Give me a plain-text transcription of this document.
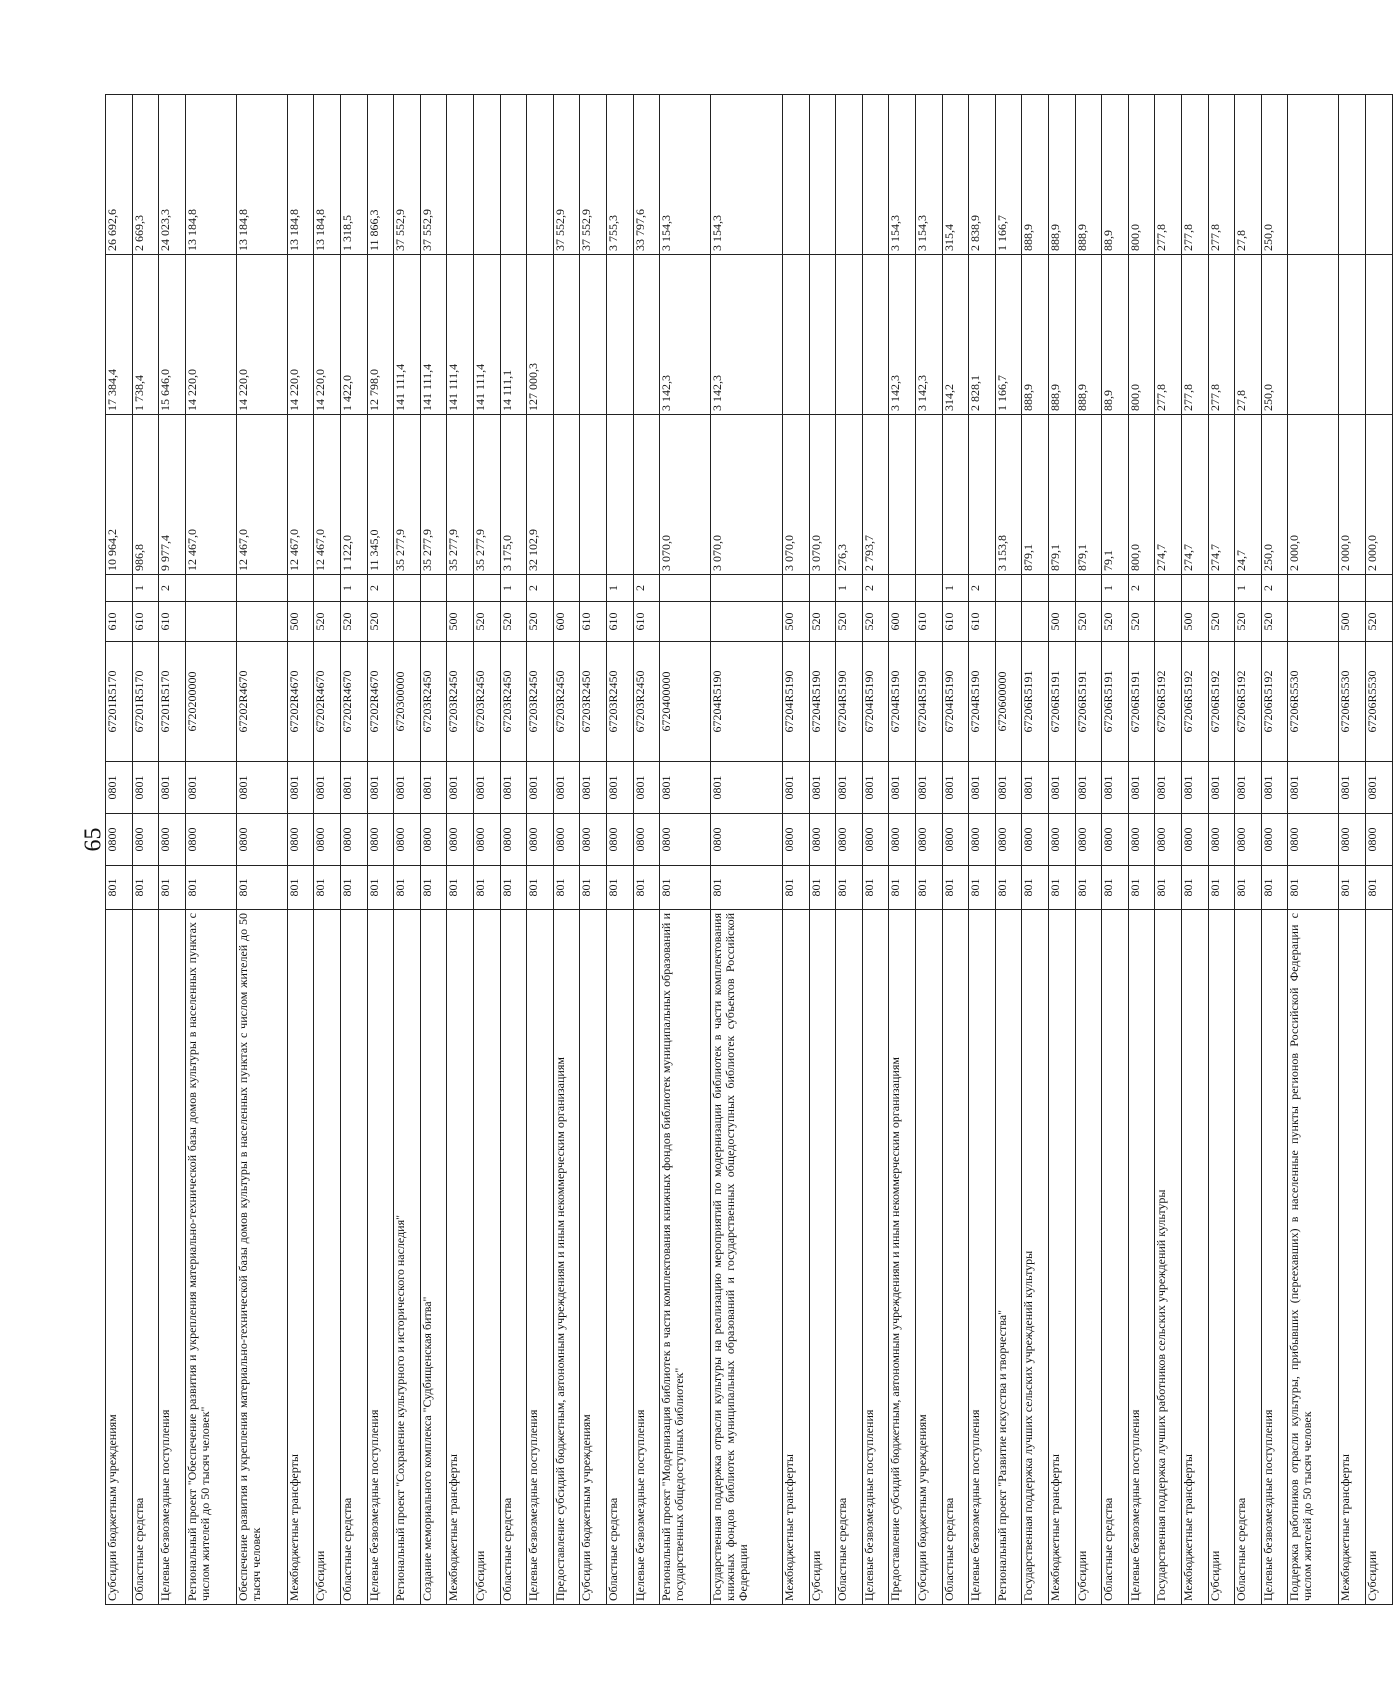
65
Субсидии бюджетным учреждениям	801	0800	0801	67201R5170	610		10 964,2	17 384,4	26 692,6
Областные средства	801	0800	0801	67201R5170	610	1	986,8	1 738,4	2 669,3
Целевые безвозмездные поступления	801	0800	0801	67201R5170	610	2	9 977,4	15 646,0	24 023,3
Региональный проект "Обеспечение развития и укрепления материально-технической базы домов культуры в населенных пунктах с числом жителей до 50 тысяч человек"	801	0800	0801	6720200000			12 467,0	14 220,0	13 184,8
Обеспечение развития и укрепления материально-технической базы домов культуры в населенных пунктах с числом жителей до 50 тысяч человек	801	0800	0801	67202R4670			12 467,0	14 220,0	13 184,8
Межбюджетные трансферты	801	0800	0801	67202R4670	500		12 467,0	14 220,0	13 184,8
Субсидии	801	0800	0801	67202R4670	520		12 467,0	14 220,0	13 184,8
Областные средства	801	0800	0801	67202R4670	520	1	1 122,0	1 422,0	1 318,5
Целевые безвозмездные поступления	801	0800	0801	67202R4670	520	2	11 345,0	12 798,0	11 866,3
Региональный проект "Сохранение культурного и исторического наследия"	801	0800	0801	6720300000			35 277,9	141 111,4	37 552,9
Создание мемориального комплекса "Судбищенская битва"	801	0800	0801	67203R2450			35 277,9	141 111,4	37 552,9
Межбюджетные трансферты	801	0800	0801	67203R2450	500		35 277,9	141 111,4	
Субсидии	801	0800	0801	67203R2450	520		35 277,9	141 111,4	
Областные средства	801	0800	0801	67203R2450	520	1	3 175,0	14 111,1	
Целевые безвозмездные поступления	801	0800	0801	67203R2450	520	2	32 102,9	127 000,3	
Предоставление субсидий бюджетным, автономным учреждениям и иным некоммерческим организациям	801	0800	0801	67203R2450	600				37 552,9
Субсидии бюджетным учреждениям	801	0800	0801	67203R2450	610				37 552,9
Областные средства	801	0800	0801	67203R2450	610	1			3 755,3
Целевые безвозмездные поступления	801	0800	0801	67203R2450	610	2			33 797,6
Региональный проект "Модернизация библиотек в части комплектования книжных фондов библиотек муниципальных образований и государственных общедоступных библиотек"	801	0800	0801	6720400000			3 070,0	3 142,3	3 154,3
Государственная поддержка отрасли культуры на реализацию мероприятий по модернизации библиотек в части комплектования книжных фондов библиотек муниципальных образований и государственных общедоступных библиотек субъектов Российской Федерации	801	0800	0801	67204R5190			3 070,0	3 142,3	3 154,3
Межбюджетные трансферты	801	0800	0801	67204R5190	500		3 070,0		
Субсидии	801	0800	0801	67204R5190	520		3 070,0		
Областные средства	801	0800	0801	67204R5190	520	1	276,3		
Целевые безвозмездные поступления	801	0800	0801	67204R5190	520	2	2 793,7		
Предоставление субсидий бюджетным, автономным учреждениям и иным некоммерческим организациям	801	0800	0801	67204R5190	600			3 142,3	3 154,3
Субсидии бюджетным учреждениям	801	0800	0801	67204R5190	610			3 142,3	3 154,3
Областные средства	801	0800	0801	67204R5190	610	1		314,2	315,4
Целевые безвозмездные поступления	801	0800	0801	67204R5190	610	2		2 828,1	2 838,9
Региональный проект "Развитие искусства и творчества"	801	0800	0801	6720600000			3 153,8	1 166,7	1 166,7
Государственная поддержка лучших сельских учреждений культуры	801	0800	0801	67206R5191			879,1	888,9	888,9
Межбюджетные трансферты	801	0800	0801	67206R5191	500		879,1	888,9	888,9
Субсидии	801	0800	0801	67206R5191	520		879,1	888,9	888,9
Областные средства	801	0800	0801	67206R5191	520	1	79,1	88,9	88,9
Целевые безвозмездные поступления	801	0800	0801	67206R5191	520	2	800,0	800,0	800,0
Государственная поддержка лучших работников сельских учреждений культуры	801	0800	0801	67206R5192			274,7	277,8	277,8
Межбюджетные трансферты	801	0800	0801	67206R5192	500		274,7	277,8	277,8
Субсидии	801	0800	0801	67206R5192	520		274,7	277,8	277,8
Областные средства	801	0800	0801	67206R5192	520	1	24,7	27,8	27,8
Целевые безвозмездные поступления	801	0800	0801	67206R5192	520	2	250,0	250,0	250,0
Поддержка работников отрасли культуры, прибывших (переехавших) в населенные пункты регионов Российской Федерации с числом жителей до 50 тысяч человек	801	0800	0801	67206R5530			2 000,0		
Межбюджетные трансферты	801	0800	0801	67206R5530	500		2 000,0		
Субсидии	801	0800	0801	67206R5530	520		2 000,0		
